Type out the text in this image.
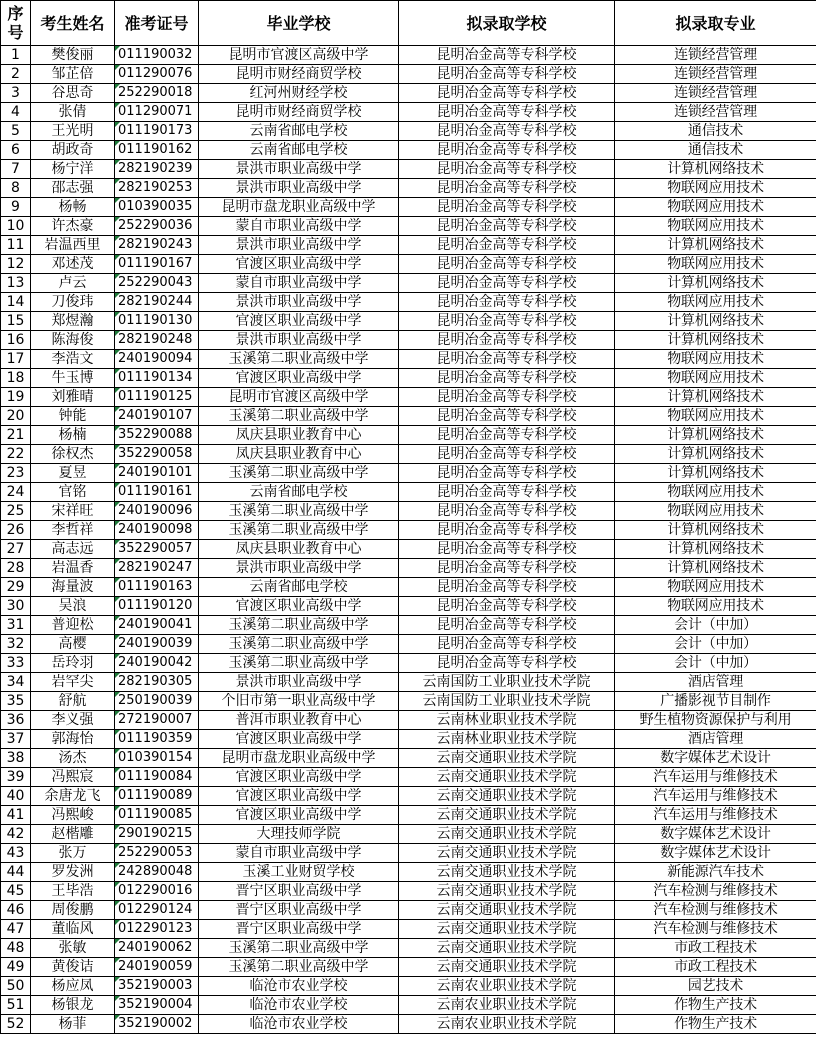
序
号	考生姓名	准考证号	毕业学校	拟录取学校	拟录取专业
1	樊俊丽	011190032	昆明市官渡区高级中学	昆明冶金高等专科学校	连锁经营管理
2	邹芷倍	011290076	昆明市财经商贸学校	昆明冶金高等专科学校	连锁经营管理
3	谷思奇	252290018	红河州财经学校	昆明冶金高等专科学校	连锁经营管理
4	张倩	011290071	昆明市财经商贸学校	昆明冶金高等专科学校	连锁经营管理
5	王光明	011190173	云南省邮电学校	昆明冶金高等专科学校	通信技术
6	胡政奇	011190162	云南省邮电学校	昆明冶金高等专科学校	通信技术
7	杨宁洋	282190239	景洪市职业高级中学	昆明冶金高等专科学校	计算机网络技术
8	邵志强	282190253	景洪市职业高级中学	昆明冶金高等专科学校	物联网应用技术
9	杨畅	010390035	昆明市盘龙职业高级中学	昆明冶金高等专科学校	物联网应用技术
10	许杰豪	252290036	蒙自市职业高级中学	昆明冶金高等专科学校	物联网应用技术
11	岩温西里	282190243	景洪市职业高级中学	昆明冶金高等专科学校	计算机网络技术
12	邓述茂	011190167	官渡区职业高级中学	昆明冶金高等专科学校	物联网应用技术
13	卢云	252290043	蒙自市职业高级中学	昆明冶金高等专科学校	计算机网络技术
14	刀俊玮	282190244	景洪市职业高级中学	昆明冶金高等专科学校	物联网应用技术
15	郑煜瀚	011190130	官渡区职业高级中学	昆明冶金高等专科学校	计算机网络技术
16	陈海俊	282190248	景洪市职业高级中学	昆明冶金高等专科学校	计算机网络技术
17	李浩文	240190094	玉溪第二职业高级中学	昆明冶金高等专科学校	物联网应用技术
18	牛玉博	011190134	官渡区职业高级中学	昆明冶金高等专科学校	物联网应用技术
19	刘雅晴	011190125	昆明市官渡区高级中学	昆明冶金高等专科学校	计算机网络技术
20	钟能	240190107	玉溪第二职业高级中学	昆明冶金高等专科学校	物联网应用技术
21	杨楠	352290088	凤庆县职业教育中心	昆明冶金高等专科学校	计算机网络技术
22	徐权杰	352290058	凤庆县职业教育中心	昆明冶金高等专科学校	计算机网络技术
23	夏昱	240190101	玉溪第二职业高级中学	昆明冶金高等专科学校	计算机网络技术
24	官铭	011190161	云南省邮电学校	昆明冶金高等专科学校	物联网应用技术
25	宋祥旺	240190096	玉溪第二职业高级中学	昆明冶金高等专科学校	物联网应用技术
26	李哲祥	240190098	玉溪第二职业高级中学	昆明冶金高等专科学校	计算机网络技术
27	高志远	352290057	凤庆县职业教育中心	昆明冶金高等专科学校	计算机网络技术
28	岩温香	282190247	景洪市职业高级中学	昆明冶金高等专科学校	计算机网络技术
29	海量波	011190163	云南省邮电学校	昆明冶金高等专科学校	物联网应用技术
30	吴浪	011190120	官渡区职业高级中学	昆明冶金高等专科学校	物联网应用技术
31	普迎松	240190041	玉溪第二职业高级中学	昆明冶金高等专科学校	会计（中加）
32	高樱	240190039	玉溪第二职业高级中学	昆明冶金高等专科学校	会计（中加）
33	岳玲羽	240190042	玉溪第二职业高级中学	昆明冶金高等专科学校	会计（中加）
34	岩罕尖	282190305	景洪市职业高级中学	云南国防工业职业技术学院	酒店管理
35	舒航	250190039	个旧市第一职业高级中学	云南国防工业职业技术学院	广播影视节目制作
36	李义强	272190007	普洱市职业教育中心	云南林业职业技术学院	野生植物资源保护与利用
37	郭海怡	011190359	官渡区职业高级中学	云南林业职业技术学院	酒店管理
38	汤杰	010390154	昆明市盘龙职业高级中学	云南交通职业技术学院	数字媒体艺术设计
39	冯熙宸	011190084	官渡区职业高级中学	云南交通职业技术学院	汽车运用与维修技术
40	余唐龙飞	011190089	官渡区职业高级中学	云南交通职业技术学院	汽车运用与维修技术
41	冯熙峻	011190085	官渡区职业高级中学	云南交通职业技术学院	汽车运用与维修技术
42	赵楷雕	290190215	大理技师学院	云南交通职业技术学院	数字媒体艺术设计
43	张万	252290053	蒙自市职业高级中学	云南交通职业技术学院	数字媒体艺术设计
44	罗发洲	242890048	玉溪工业财贸学校	云南交通职业技术学院	新能源汽车技术
45	王毕浩	012290016	晋宁区职业高级中学	云南交通职业技术学院	汽车检测与维修技术
46	周俊鹏	012290124	晋宁区职业高级中学	云南交通职业技术学院	汽车检测与维修技术
47	董临风	012290123	晋宁区职业高级中学	云南交通职业技术学院	汽车检测与维修技术
48	张敏	240190062	玉溪第二职业高级中学	云南交通职业技术学院	市政工程技术
49	黄俊诘	240190059	玉溪第二职业高级中学	云南交通职业技术学院	市政工程技术
50	杨应凤	352190003	临沧市农业学校	云南农业职业技术学院	园艺技术
51	杨银龙	352190004	临沧市农业学校	云南农业职业技术学院	作物生产技术
52	杨菲	352190002	临沧市农业学校	云南农业职业技术学院	作物生产技术
